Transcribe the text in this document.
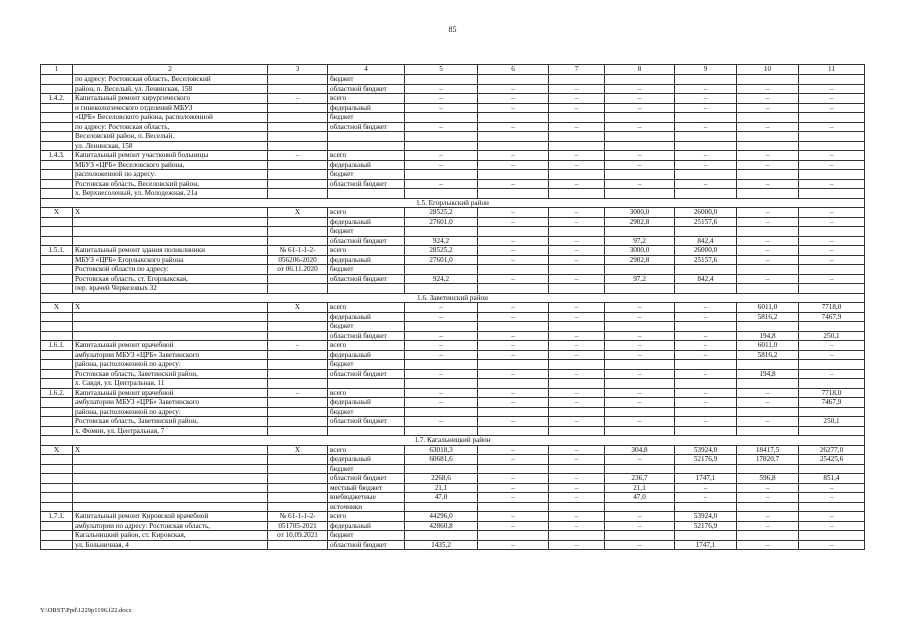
85
1	2	3	4	5	6	7	8	9	10	11
	по адресу: Ростовская область, Веселовский		бюджет							
	район, п. Веселый, ул. Ленинская, 158		областной бюджет	–	–	–	–	–	–	–
1.4.2.	Капитальный ремонт хирургического	–	всего	–	–	–	–	–	–	–
	и гинекологического отделений МБУЗ		федеральный	–	–	–	–	–	–	–
	«ЦРБ» Веселовского района, расположенной		бюджет							
	по адресу: Ростовская область,		областной бюджет	–	–	–	–	–	–	–
	Веселовский район, п. Веселый,									
	ул. Ленинская, 158									
1.4.3.	Капитальный ремонт участковой больницы	–	всего	–	–	–	–	–	–	–
	МБУЗ «ЦРБ» Веселовского района,		федеральный	–	–	–	–	–	–	–
	расположенной по адресу:		бюджет							
	Ростовская область, Веселовский район,		областной бюджет	–	–	–	–	–	–	–
	х. Верхнесоленый, ул. Молодежная, 21а									
1.5. Егорлыкский район										
Х	Х	Х	всего	28525,2	–	–	3000,0	26000,0	–	–
			федеральный	27601,0	–	–	2902,8	25157,6	–	–
			бюджет							
			областной бюджет	924,2	–	–	97,2	842,4	–	–
1.5.1.	Капитальный ремонт здания поликлиники	№ 61-1-1-2-	всего	28525,2	–	–	3000,0	26000,0	–	–
	МБУЗ «ЦРБ» Егорлыкского района	056206-2020	федеральный	27601,0	–	–	2902,8	25157,6	–	–
	Ростовской области по адресу:	от 06.11.2020	бюджет							
	Ростовская область, ст. Егорлыкская,		областной бюджет	924,2	–	–	97,2	842,4	–	–
	пер. врачей Черкезовых 32									
1.6. Заветинский район										
Х	Х	Х	всего	–	–	–	–	–	6011,0	7718,0
			федеральный	–	–	–	–	–	5816,2	7467,9
			бюджет							
			областной бюджет	–	–	–	–	–	194,8	250,1
1.6.1.	Капитальный ремонт врачебной	–	всего	–	–	–	–	–	6011,0	–
	амбулатории МБУЗ «ЦРБ» Заветинского		федеральный	–	–	–	–	–	5816,2	–
	района, расположенной по адресу:		бюджет							
	Ростовская область, Заветинский район,		областной бюджет	–	–	–	–	–	194,8	–
	х. Савдя, ул. Центральная, 11									
1.6.2.	Капитальный ремонт врачебной	–	всего	–	–	–	–	–	–	7718,0
	амбулатории МБУЗ «ЦРБ» Заветинского		федеральный	–	–	–	–	–	–	7467,9
	района, расположенной по адресу:		бюджет							
	Ростовская область, Заветинский район,		областной бюджет	–	–	–	–	–	–	250,1
	х. Фомин, ул. Центральная, 7									
1.7. Кагальницкий район										
Х	Х	Х	всего	63018,3	–	–	304,8	53924,0	18417,5	26277,0
			федеральный	60681,6	–	–	–	52176,9	17820,7	25425,6
			бюджет							
			областной бюджет	2268,6	–	–	236,7	1747,1	596,8	851,4
			местный бюджет	21,1	–	–	21,1	–	–	–
			внебюджетные	47,0	–	–	47,0	–	–	–
			источники							
1.7.1.	Капитальный ремонт Кировской врачебной	№ 61-1-1-2-	всего	44296,0	–	–	–	53924,0	–	–
	амбулатории по адресу: Ростовская область,	051705-2021	федеральный	42860,8	–	–	–	52176,9	–	–
	Кагальницкий район, ст. Кировская,	от 10.09.2021	бюджет							
	ул. Больничная, 4		областной бюджет	1435,2	–	–	–	1747,1	–	–
Y:\ORST\Ppd\1229p1196.f22.docx
